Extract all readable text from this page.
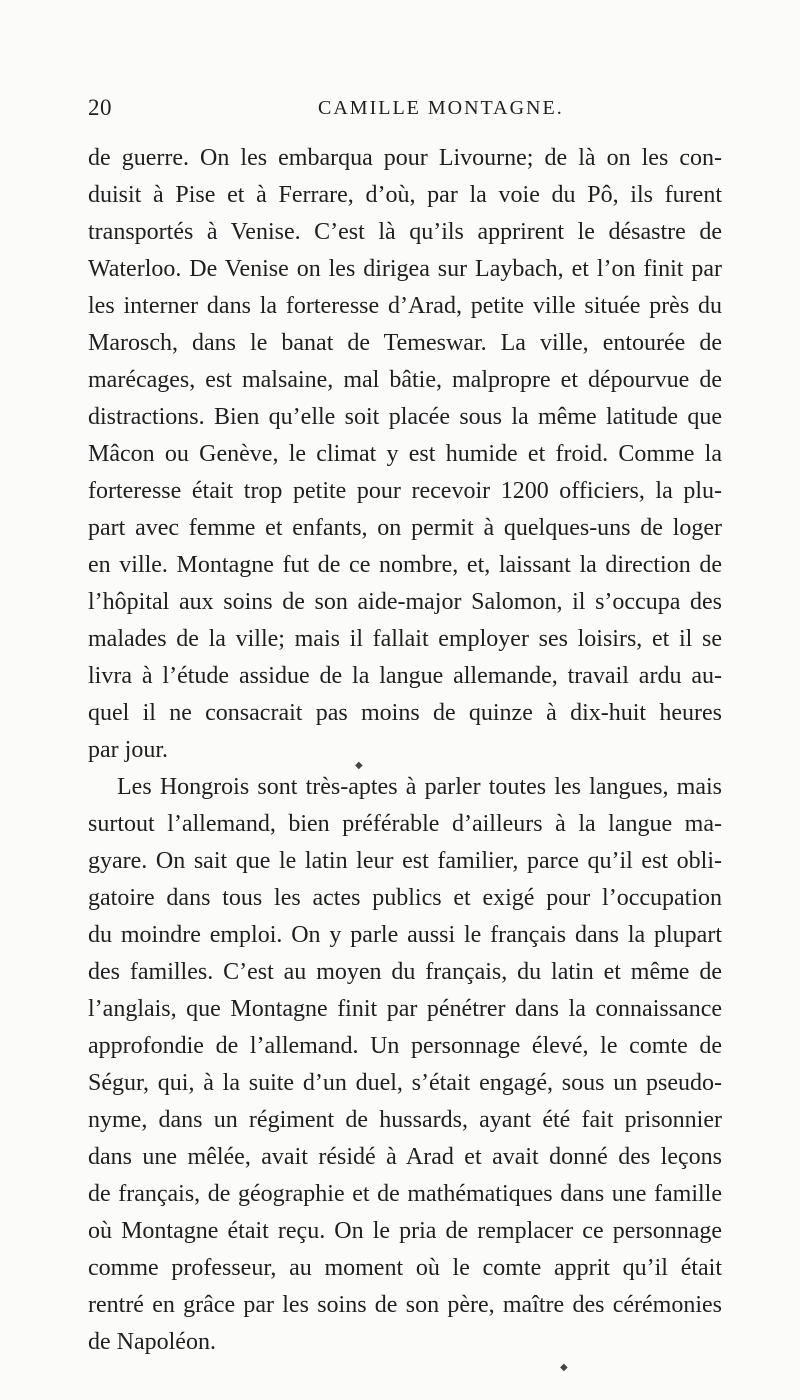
20	CAMILLE MONTAGNE.
de guerre. On les embarqua pour Livourne; de là on les con-
duisit à Pise et à Ferrare, d’où, par la voie du Pô, ils furent
transportés à Venise. C’est là qu’ils apprirent le désastre de
Waterloo. De Venise on les dirigea sur Laybach, et l’on finit par
les interner dans la forteresse d’Arad, petite ville située près du
Marosch, dans le banat de Temeswar. La ville, entourée de
marécages, est malsaine, mal bâtie, malpropre et dépourvue de
distractions. Bien qu’elle soit placée sous la même latitude que
Mâcon ou Genève, le climat y est humide et froid. Comme la
forteresse était trop petite pour recevoir 1200 officiers, la plu-
part avec femme et enfants, on permit à quelques-uns de loger
en ville. Montagne fut de ce nombre, et, laissant la direction de
l’hôpital aux soins de son aide-major Salomon, il s’occupa des
malades de la ville; mais il fallait employer ses loisirs, et il se
livra à l’étude assidue de la langue allemande, travail ardu au-
quel il ne consacrait pas moins de quinze à dix-huit heures
par jour.
Les Hongrois sont très-aptes à parler toutes les langues, mais
surtout l’allemand, bien préférable d’ailleurs à la langue ma-
gyare. On sait que le latin leur est familier, parce qu’il est obli-
gatoire dans tous les actes publics et exigé pour l’occupation
du moindre emploi. On y parle aussi le français dans la plupart
des familles. C’est au moyen du français, du latin et même de
l’anglais, que Montagne finit par pénétrer dans la connaissance
approfondie de l’allemand. Un personnage élevé, le comte de
Ségur, qui, à la suite d’un duel, s’était engagé, sous un pseudo-
nyme, dans un régiment de hussards, ayant été fait prisonnier
dans une mêlée, avait résidé à Arad et avait donné des leçons
de français, de géographie et de mathématiques dans une famille
où Montagne était reçu. On le pria de remplacer ce personnage
comme professeur, au moment où le comte apprit qu’il était
rentré en grâce par les soins de son père, maître des cérémonies
de Napoléon.
◆
◆
